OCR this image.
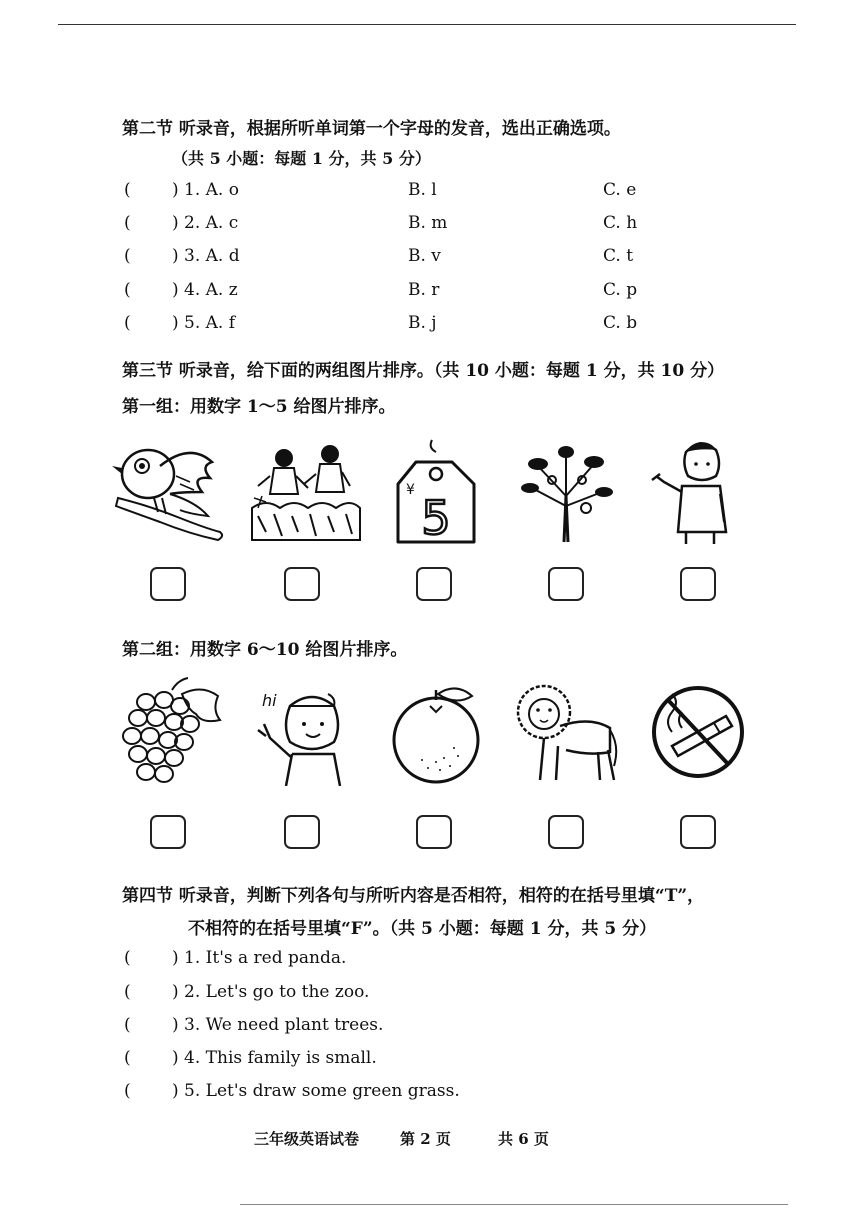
第二节 听录音，根据所听单词第一个字母的发音，选出正确选项。
（共 5 小题：每题 1 分，共 5 分）
( ) 1. A. o	B. l	C. e
( ) 2. A. c	B. m	C. h
( ) 3. A. d	B. v	C. t
( ) 4. A. z	B. r	C. p
( ) 5. A. f	B. j	C. b
第三节 听录音，给下面的两组图片排序。（共 10 小题：每题 1 分，共 10 分）
第一组：用数字 1～5 给图片排序。
¥
5
第二组：用数字 6～10 给图片排序。
hi
第四节 听录音，判断下列各句与所听内容是否相符，相符的在括号里填“T”，
不相符的在括号里填“F”。（共 5 小题：每题 1 分，共 5 分）
( ) 1. It's a red panda.
( ) 2. Let's go to the zoo.
( ) 3. We need plant trees.
( ) 4. This family is small.
( ) 5. Let's draw some green grass.
三年级英语试卷	第 2 页	共 6 页
